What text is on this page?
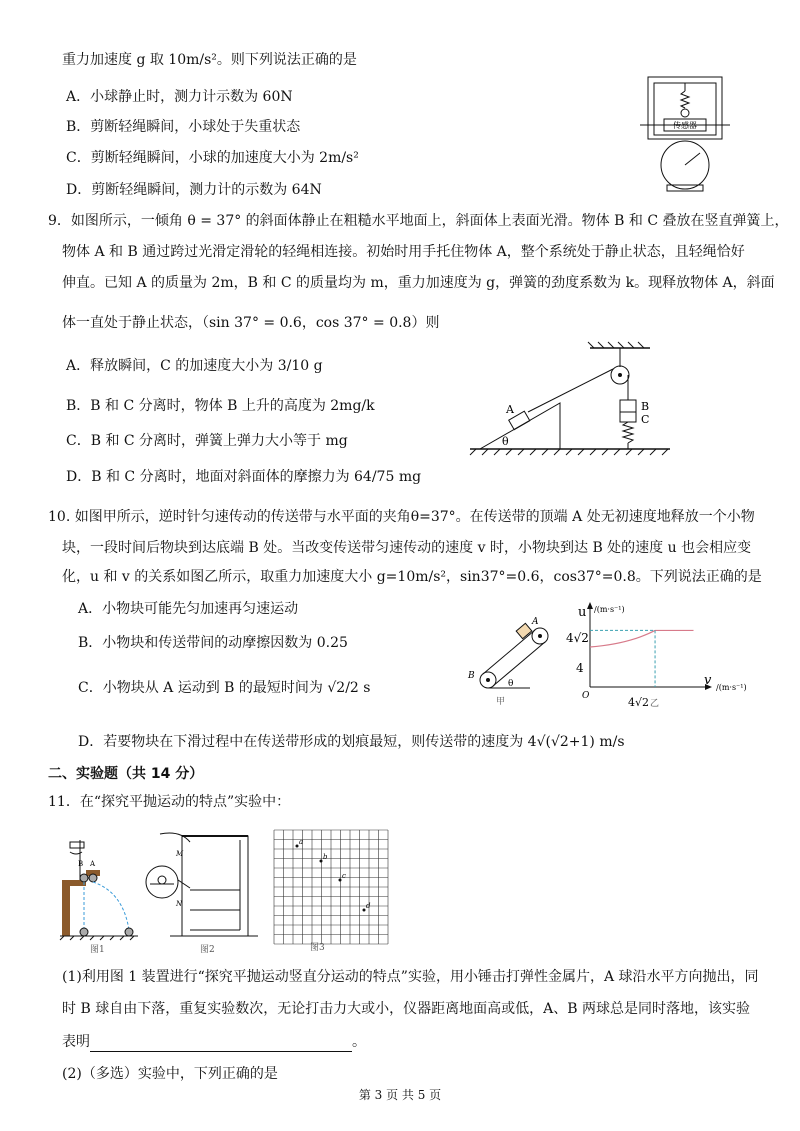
重力加速度 g 取 10m/s²。则下列说法正确的是
A．小球静止时，测力计示数为 60N
B．剪断轻绳瞬间，小球处于失重状态
C．剪断轻绳瞬间，小球的加速度大小为 2m/s²
D．剪断轻绳瞬间，测力计的示数为 64N
传感器
9．如图所示，一倾角 θ = 37° 的斜面体静止在粗糙水平地面上，斜面体上表面光滑。物体 B 和 C 叠放在竖直弹簧上，
物体 A 和 B 通过跨过光滑定滑轮的轻绳相连接。初始时用手托住物体 A，整个系统处于静止状态，且轻绳恰好
伸直。已知 A 的质量为 2m，B 和 C 的质量均为 m，重力加速度为 g，弹簧的劲度系数为 k。现释放物体 A，斜面
体一直处于静止状态，（sin 37° = 0.6，cos 37° = 0.8）则
A．释放瞬间，C 的加速度大小为 3/10 g
B．B 和 C 分离时，物体 B 上升的高度为 2mg/k
C．B 和 C 分离时，弹簧上弹力大小等于 mg
D．B 和 C 分离时，地面对斜面体的摩擦力为 64/75 mg
B
C
A
θ
10. 如图甲所示，逆时针匀速传动的传送带与水平面的夹角θ=37°。在传送带的顶端 A 处无初速度地释放一个小物
块，一段时间后物块到达底端 B 处。当改变传送带匀速传动的速度 v 时，小物块到达 B 处的速度 u 也会相应变
化，u 和 v 的关系如图乙所示，取重力加速度大小 g=10m/s²，sin37°=0.6，cos37°=0.8。下列说法正确的是
A．小物块可能先匀加速再匀速运动
B．小物块和传送带间的动摩擦因数为 0.25
C．小物块从 A 运动到 B 的最短时间为 √2/2 s
D．若要物块在下滑过程中在传送带形成的划痕最短，则传送带的速度为 4√(√2+1) m/s
A
B
θ
甲
u /(m·s⁻¹)
v /(m·s⁻¹)
4√2
4
O	4√2 乙
二、实验题（共 14 分）
11．在“探究平抛运动的特点”实验中：
B A
图1
M
N
图2
a
b
c
d
图3
(1)利用图 1 装置进行“探究平抛运动竖直分运动的特点”实验，用小锤击打弹性金属片，A 球沿水平方向抛出，同
时 B 球自由下落，重复实验数次，无论打击力大或小，仪器距离地面高或低，A、B 两球总是同时落地，该实验
表明	。
(2)（多选）实验中，下列正确的是
第 3 页 共 5 页
